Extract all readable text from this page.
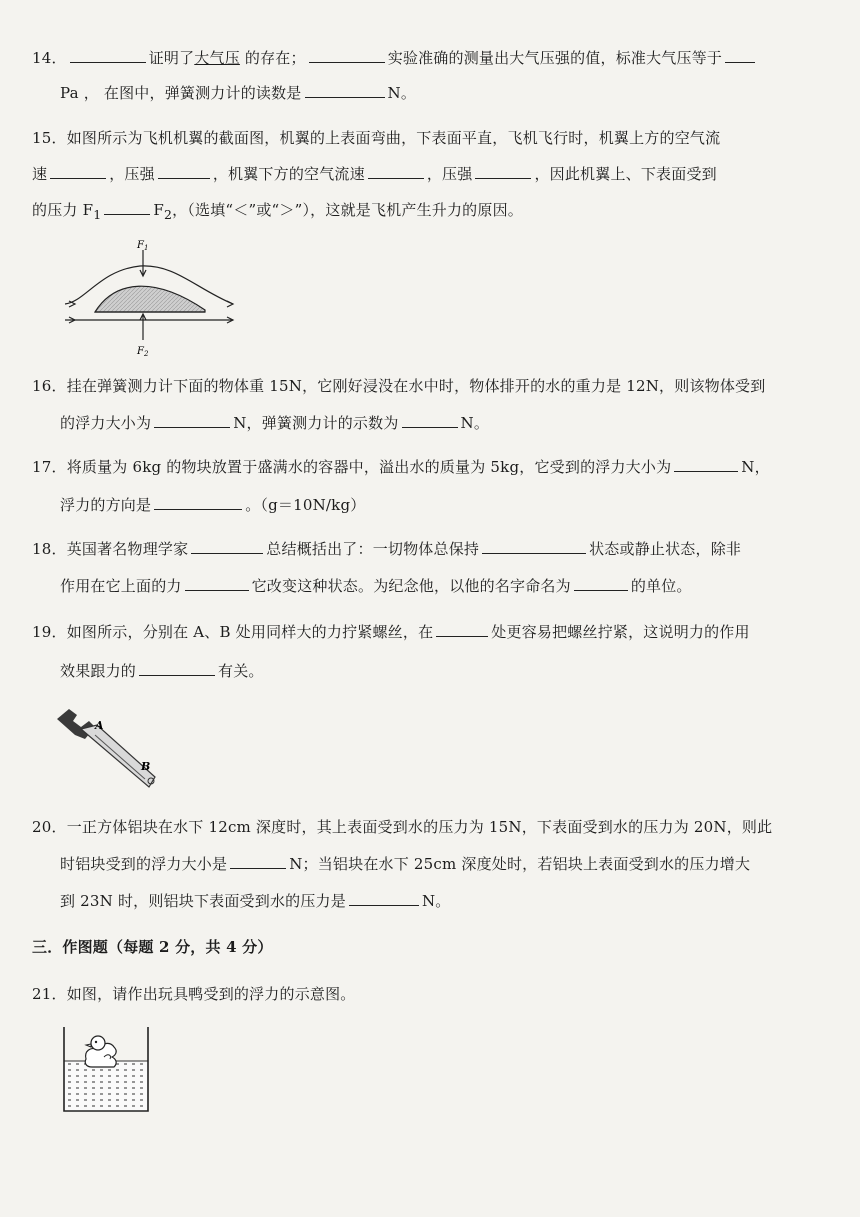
14．	证明了大气压 的存在；	实验准确的测量出大气压强的值，标准大气压等于
Pa ， 在图中，弹簧测力计的读数是	N。
15．如图所示为飞机机翼的截面图，机翼的上表面弯曲，下表面平直，飞机飞行时，机翼上方的空气流
速	，压强	，机翼下方的空气流速	，压强	，因此机翼上、下表面受到
的压力 $F_1$	$F_2$，（选填“＜”或“＞”），这就是飞机产生升力的原因。
$F_1$
$F_2$
16．挂在弹簧测力计下面的物体重 15N，它刚好浸没在水中时，物体排开的水的重力是 12N，则该物体受到
的浮力大小为	N，弹簧测力计的示数为	N。
17．将质量为 6kg 的物块放置于盛满水的容器中，溢出水的质量为 5kg，它受到的浮力大小为	N，
浮力的方向是	。（g＝10N/kg）
18．英国著名物理学家	总结概括出了：一切物体总保持	状态或静止状态，除非
作用在它上面的力	它改变这种状态。为纪念他，以他的名字命名为	的单位。
19．如图所示，分别在 A、B 处用同样大的力拧紧螺丝，在	处更容易把螺丝拧紧，这说明力的作用
效果跟力的	有关。
A
B
20．一正方体铝块在水下 12cm 深度时，其上表面受到水的压力为 15N，下表面受到水的压力为 20N，则此
时铝块受到的浮力大小是	N；当铝块在水下 25cm 深度处时，若铝块上表面受到水的压力增大
到 23N 时，则铝块下表面受到水的压力是	N。
三．作图题（每题 2 分，共 4 分）
21．如图，请作出玩具鸭受到的浮力的示意图。
